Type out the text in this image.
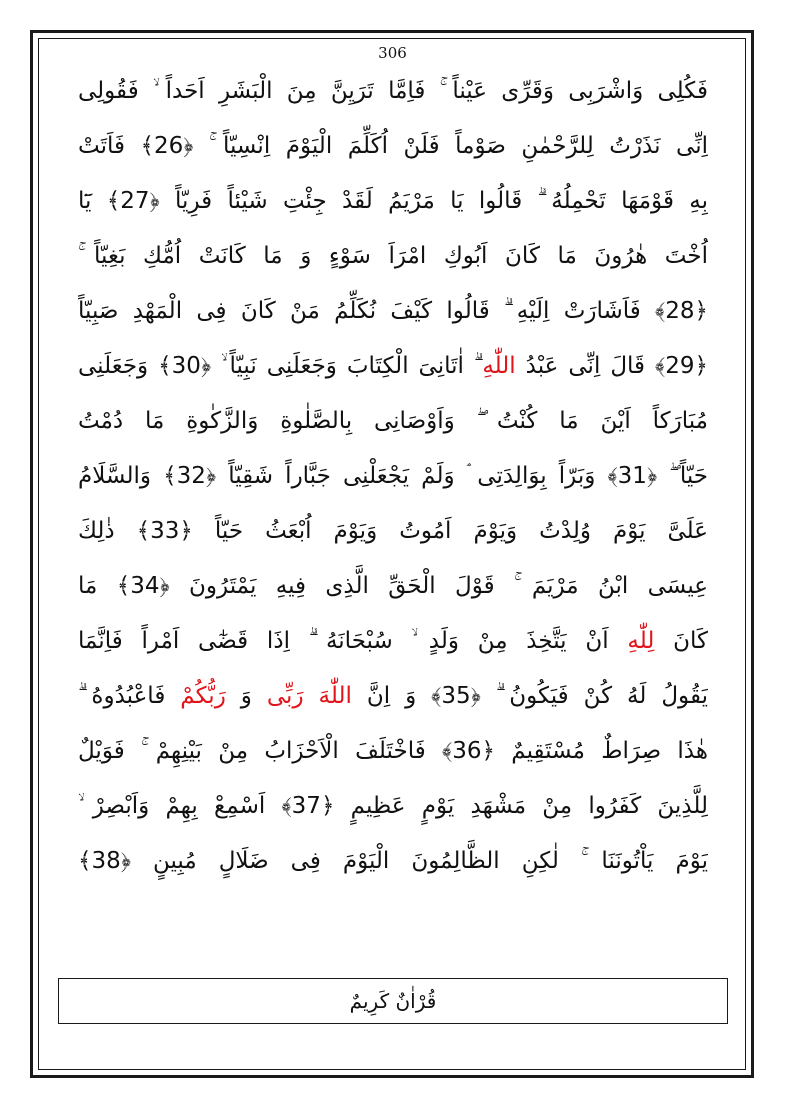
306
فَكُلِى وَاشْرَبِى وَقَرِّى عَيْناً ۚ فَاِمَّا تَرَيِنَّ مِنَ الْبَشَرِ اَحَداً ۙ فَقُولِى
اِنِّى نَذَرْتُ لِلرَّحْمٰنِ صَوْماً فَلَنْ اُكَلِّمَ الْيَوْمَ اِنْسِيّاً ۚ ﴿26﴾ فَاَتَتْ
بِهِ قَوْمَهَا تَحْمِلُهُ ۗ قَالُوا يَا مَرْيَمُ لَقَدْ جِئْتِ شَيْئاً فَرِيّاً ﴿27﴾ يَٓا
اُخْتَ هٰرُونَ مَا كَانَ اَبُوكِ امْرَاَ سَوْءٍ وَ مَا كَانَتْ اُمُّكِ بَغِيّاً ۚ
﴿28﴾ فَاَشَارَتْ اِلَيْهِ ۗ قَالُوا كَيْفَ نُكَلِّمُ مَنْ كَانَ فِى الْمَهْدِ صَبِيّاً
﴿29﴾ قَالَ اِنِّى عَبْدُ اللّٰهِ ۗ اٰتَانِىَ الْكِتَابَ وَجَعَلَنِى نَبِيّاً ۙ ﴿30﴾ وَجَعَلَنِى
مُبَارَكاً اَيْنَ مَا كُنْتُ ۖ وَاَوْصَانِى بِالصَّلٰوةِ وَالزَّكٰوةِ مَا دُمْتُ
حَيّاً ۖ ﴿31﴾ وَبَرّاً بِوَالِدَتِى ۘ وَلَمْ يَجْعَلْنِى جَبَّاراً شَقِيّاً ﴿32﴾ وَالسَّلَامُ
عَلَىَّ يَوْمَ وُلِدْتُ وَيَوْمَ اَمُوتُ وَيَوْمَ اُبْعَثُ حَيّاً ﴿33﴾ ذٰلِكَ
عِيسَى ابْنُ مَرْيَمَ ۚ قَوْلَ الْحَقِّ الَّذِى فِيهِ يَمْتَرُونَ ﴿34﴾ مَا
كَانَ لِلّٰهِ اَنْ يَتَّخِذَ مِنْ وَلَدٍ ۙ سُبْحَانَهُ ۗ اِذَا قَضٰٓى اَمْراً فَاِنَّمَا
يَقُولُ لَهُ كُنْ فَيَكُونُ ۗ ﴿35﴾ وَ اِنَّ اللّٰهَ رَبِّى وَ رَبُّكُمْ فَاعْبُدُوهُ ۗ
هٰذَا صِرَاطٌ مُسْتَقِيمٌ ﴿36﴾ فَاخْتَلَفَ الْاَحْزَابُ مِنْ بَيْنِهِمْ ۚ فَوَيْلٌ
لِلَّذِينَ كَفَرُوا مِنْ مَشْهَدِ يَوْمٍ عَظِيمٍ ﴿37﴾ اَسْمِعْ بِهِمْ وَاَبْصِرْ ۙ
يَوْمَ يَاْتُونَنَا ۚ لٰكِنِ الظَّالِمُونَ الْيَوْمَ فِى ضَلَالٍ مُبِينٍ ﴿38﴾
قُرْاٰنٌ كَرِيمٌ
